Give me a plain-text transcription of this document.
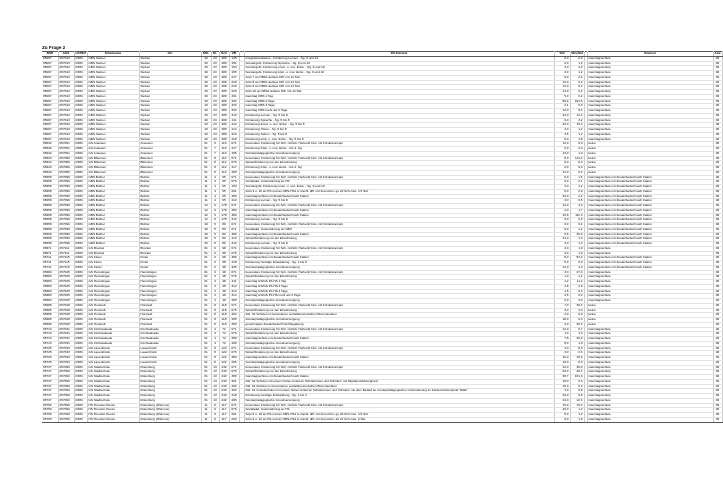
Zu Frage 2
SNR	AGS	LKRKZ	Schulname	Ort	SKL	Kl.	Sch	ZB		ZB-Klartext	Std	WoeStd		Klartext	Amt
05097	057043	RDM	GBS Sieben	Sieben	40	23	489	145		Integrationsklasse - Förderung Lernen - Sg. 8 und 10	6,0	2,3		Ganztagsschule	06
05097	057043	RDM	GBS Sieben	Sieben	40	23	489	151		Sondergebl. Förderung Sprache - Sg. 8 und 10	3,0	1,2		Ganztagsschule	06
05097	057043	RDM	GBS Sieben	Sieben	40	23	489	153		Sondergebl. Förderung emot. u. soz. Entw. - Sg. 9 und 10	4,0	2,2		Ganztagsschule	06
05097	057043	RDM	GBS Sieben	Sieben	40	23	489	155		Sondergebl. Förderung körp. u. mot. Entw. - Sg. 9 und 10	3,0	1,2		Ganztagsschule	06
05097	057043	RDM	GBS Sieben	Sieben	40	23	489	217		SoG 7 an OBS1 äußere Diff. mit 12 Std.	6,0	2,4		Ganztagsschule	06
05097	057043	RDM	GBS Sieben	Sieben	40	23	489	218		SoG 8 an OBS1 äußere Diff. mit 12 Std.	12,0	0,2		Ganztagsschule	06
05097	057043	RDM	GBS Sieben	Sieben	40	23	489	219		SoG 9 an OBS1 äußere Diff. mit 14 Std.	14,0	0,2		Ganztagsschule	06
05097	057043	RDM	GBS Sieben	Sieben	40	23	489	220		SoG 10 an OBS1 äußere Diff. mit 14 Std.	14,0	0,2		Ganztagsschule	06
05097	057043	RDM	GBS Sieben	Sieben	40	23	489	331		Ganztag OBS 1 Tag	5,0	0,2		Ganztagsschule	06
05097	057043	RDM	GBS Sieben	Sieben	40	23	489	332		Ganztag OBS 2 Tage	80,4	491,5		Ganztagsschule	06
05097	057043	RDM	GBS Sieben	Sieben	40	23	489	333		Ganztag OBS 3 Tage	2,1	6,3		Ganztagsschule	06
05097	057043	RDM	GBS Sieben	Sieben	40	23	489	334		Ganztag OBS mehr als 3 Tage	12,0	8,4		Ganztagsschule	06
05097	057043	RDM	GBS Sieben	Sieben	40	23	489	410		Förderung Lernen - Sg. 5 bis 8	42,0	14,3		Ganztagsschule	06
05097	057043	RDM	GBS Sieben	Sieben	40	23	489	411		Förderung Sprache - Sg. 5 bis 8	9,0	3,2		Ganztagsschule	06
05097	057043	RDM	GBS Sieben	Sieben	40	23	489	412		Förderung Emot. u. soz. Entw. - Sg. 5 bis 8	22,0	15,3		Ganztagsschule	06
05097	057043	RDM	GBS Sieben	Sieben	40	23	489	414		Förderung Hören - Sg. 5 bis 8	3,0	1,2		Ganztagsschule	06
05097	057043	RDM	GBS Sieben	Sieben	40	23	489	416		Förderung Sehen - Sg. 5 bis 8	3,5	1,2		Ganztagsschule	06
05097	057043	RDM	GBS Sieben	Sieben	40	23	489	418		Förderung körp. u. mot. Entw. - Sg. 5 bis 8	6,0	1,8		Ganztagsschule	06
05632	057061	RDM	GS Anausen	Anausen	01	0	110	071		besondere Förderung für Sch. nichtdt. Herkunft bzw. mit Förderkonzept	12,0	0,0		keine	06
05632	057061	RDM	GS Anausen	Anausen	01	7	110	417		Förderung Körp. u. mot. Entw. - bis 4. Sg.	6,0	2,3		keine	06
05632	057061	RDM	GS Anausen	Anausen	01	7	110	495		Sonderpädagogische Grundversorgung	14,0	1,0		keine	06
05634	057086	RDM	GS Bittersen	Bittersen	01	8	114	071		besondere Förderung für Sch. nichtdt. Herkunft bzw. mit Förderkonzept	8,0	114,3		keine	06
05634	057086	RDM	GS Bittersen	Bittersen	01	8	114	076		Sprachförderung vor der Einschulung	9,0	8,3		keine	06
05634	057086	RDM	GS Bittersen	Bittersen	01	8	114	417		Förderung Körp. u. mot. Entw. - bis 4. Sg.	3,0	0,0		keine	06
05634	057086	RDM	GS Bittersen	Bittersen	01	8	114	495		Sonderpädagogische Grundversorgung	12,0	6,3		keine	06
05658	057096	RDM	GBS Bothel	Bothel	11	4	65	071		besondere Förderung für Sch. nichtdt. Herkunft bzw. mit Förderkonzept	6,0	1,6		Ganztagsschule mit Zusatzbedarf nach Faktor	06
05658	057096	RDM	GBS Bothel	Bothel	11	4	65	076		Sozialpäd. Unterstützung an HS	6,0	2,1		Ganztagsschule mit Zusatzbedarf nach Faktor	06
05658	057096	RDM	GBS Bothel	Bothel	11	4	65	153		Sondergebl. Förderung emot. u. soz. Entw. - Sg. 9 und 10	3,0	1,2		Ganztagsschule mit Zusatzbedarf nach Faktor	06
05658	057096	RDM	GBS Bothel	Bothel	11	4	65	201		SoG 9 u. 10 an HS und an OBS-HS1 ä. Fachl. diff. mit Fremd.bu. ge 20 Sch max. 4,5 Std.	5,0	2,9		Ganztagsschule mit Zusatzbedarf nach Faktor	06
05658	057096	RDM	GBS Bothel	Bothel	11	4	65	380		Ganztagsschule mit Zusatzbedarf nach Faktor	22,0	2,2		Ganztagsschule mit Zusatzbedarf nach Faktor	06
05658	057096	RDM	GBS Bothel	Bothel	11	4	65	410		Förderung Lernen - Sg. 5 bis 8	3,0	0,5		Ganztagsschule mit Zusatzbedarf nach Faktor	06
05658	057096	RDM	GBS Bothel	Bothel	12	6	178	071		besondere Förderung für Sch. nichtdt. Herkunft bzw. mit Förderkonzept	12,0	4,3		Ganztagsschule mit Zusatzbedarf nach Faktor	06
05658	057096	RDM	GBS Bothel	Bothel	12	6	178	380		Ganztagsschule mit Zusatzbedarf nach Faktor	3,0	1,7		Ganztagsschule mit Zusatzbedarf nach Faktor	06
05658	057096	RDM	GBS Bothel	Bothel	12	6	178	380		Ganztagsschule mit Zusatzbedarf nach Faktor	10,8	111,3		Ganztagsschule mit Zusatzbedarf nach Faktor	06
05658	057096	RDM	GBS Bothel	Bothel	12	6	178	410		Förderung Lernen - Sg. 5 bis 8	6,0	2,0		Ganztagsschule mit Zusatzbedarf nach Faktor	06
05658	057096	RDM	GBS Bothel	Bothel	40	5	89	071		besondere Förderung für Sch. nichtdt. Herkunft bzw. mit Förderkonzept	3,0	0,4		Ganztagsschule mit Zusatzbedarf nach Faktor	06
05658	057096	RDM	GBS Bothel	Bothel	40	5	89	071		Sozialpäd. Unterstützung an OBS	6,0	1,2		Ganztagsschule mit Zusatzbedarf nach Faktor	06
05658	057096	RDM	GBS Bothel	Bothel	40	5	89	380		Ganztagsschule mit Zusatzbedarf nach Faktor	5,6	36,9		Ganztagsschule mit Zusatzbedarf nach Faktor	06
05658	057096	RDM	GBS Bothel	Bothel	40	5	89	410		Sprachförderung vor der Einschulung	21,0	1,3		Ganztagsschule mit Zusatzbedarf nach Faktor	06
05658	057096	RDM	GBS Bothel	Bothel	40	5	89	410		Förderung Lernen - Sg. 5 bis 8	3,0	1,3		Ganztagsschule mit Zusatzbedarf nach Faktor	06
05671	057111	RDM	GS Brockel	Brockel	01	0	98	071		besondere Förderung für Sch. nichtdt. Herkunft bzw. mit Förderkonzept	2,0	1,9		Ganztagsschule	06
05671	057111	RDM	GS Brockel	Brockel	01	0	98	076		Sprachförderung vor der Einschulung	3,0	1,0		Ganztagsschule	06
05711	057115	RDM	GS Fintel	Fintel	01	0	98	380		Ganztagsschule mit Zusatzbedarf nach Faktor	8,0	52,3		Ganztagsschule mit Zusatzbedarf nach Faktor	06
05711	057115	RDM	GS Fintel	Fintel	01	0	98	418		Förderung Geistige Entwicklung - Sg. 1 bis 8	6,0	0,0		Ganztagsschule mit Zusatzbedarf nach Faktor	06
05711	057115	RDM	GS Fintel	Fintel	01	0	98	495		Sonderpädagogische Grundversorgung	12,0	4,3		Ganztagsschule mit Zusatzbedarf nach Faktor	06
05683	057025	RDM	GS Hemslingen	Hemslingen	01	3	48	071		besondere Förderung für Sch. nichtdt. Herkunft bzw. mit Förderkonzept	3,0	27,0		Ganztagsschule	06
05683	057025	RDM	GS Hemslingen	Hemslingen	01	3	48	076		Sprachförderung vor der Einschulung	1,0	1,2		Ganztagsschule	06
05683	057025	RDM	GS Hemslingen	Hemslingen	01	3	48	311		Ganztag GS/GS Pb HS 1 Tag	1,2	11,2		Ganztagsschule	06
05683	057025	RDM	GS Hemslingen	Hemslingen	01	3	48	312		Ganztag GS/GS Pb HS 2 Tage	4,8	2,9		Ganztagsschule	06
05683	057025	RDM	GS Hemslingen	Hemslingen	01	3	48	313		Ganztag GS/GS Pb HS 3 Tage	1,5	0,3		Ganztagsschule	06
05683	057025	RDM	GS Hemslingen	Hemslingen	01	3	48	314		Ganztag GS/GS Pb HS mehr als 3 Tage	3,6	6,2		Ganztagsschule	06
05683	057025	RDM	GS Hemslingen	Hemslingen	01	3	48	495		Sonderpädagogische Grundversorgung	6,0	3,0		Ganztagsschule	06
05686	057028	RDM	GS Horstedt	Horstedt	01	8	118	071		besondere Förderung für Sch. nichtdt. Herkunft bzw. mit Förderkonzept	7,0	36,3		keine	06
05686	057028	RDM	GS Horstedt	Horstedt	01	8	118	076		Sprachförderung vor der Einschulung	3,0	3,3		keine	06
05686	057028	RDM	GS Horstedt	Horstedt	01	8	118	482		Std. für Schulen in besonderen sozialökonomischen Brennpunkten	3,0	0,0		keine	06
05686	057028	RDM	GS Horstedt	Horstedt	01	8	118	495		Sonderpädagogische Grundversorgung	18,0	6,3		keine	06
05686	057028	RDM	GS Horstedt	Horstedt	01	8	118	350		genehmigter Zusatzbedarf Hochbegabung	3,0	36,3		keine	06
05713	057031	RDM	GS Kirchwalsede	Kirchwalsede	01	4	72	071		besondere Förderung für Sch. nichtdt. Herkunft bzw. mit Förderkonzept	12,0	0,7		Ganztagsschule	06
05713	057031	RDM	GS Kirchwalsede	Kirchwalsede	01	4	72	076		Sprachförderung vor der Einschulung	1,0	1,3		Ganztagsschule	06
05713	057031	RDM	GS Kirchwalsede	Kirchwalsede	01	4	72	380		Ganztagsschule mit Zusatzbedarf nach Faktor	7,8	26,9		Ganztagsschule	06
05713	057031	RDM	GS Kirchwalsede	Kirchwalsede	01	4	72	495		Sonderpädagogische Grundversorgung	8,0	1,9		Ganztagsschule	06
05725	057033	RDM	GS Lauenbrück	Lauenbrück	01	8	122	071		besondere Förderung für Sch. nichtdt. Herkunft bzw. mit Förderkonzept	3,0	8,3		Ganztagsschule	06
05725	057033	RDM	GS Lauenbrück	Lauenbrück	01	8	122	076		Sprachförderung vor der Einschulung	3,0	0,3		Ganztagsschule	06
05725	057033	RDM	GS Lauenbrück	Lauenbrück	01	8	122	380		Ganztagsschule mit Zusatzbedarf nach Faktor	10,0	16,3		Ganztagsschule	06
05725	057033	RDM	GS Lauenbrück	Lauenbrück	01	8	122	495		Sonderpädagogische Grundversorgung	16,0	8,3		Ganztagsschule	06
05737	057060	RDM	GS Stadtschule	Rotenburg	01	13	240	071		besondere Förderung für Sch. nichtdt. Herkunft bzw. mit Förderkonzept	12,0	36,0		Ganztagsschule	06
05737	057060	RDM	GS Stadtschule	Rotenburg	01	13	240	076		Sprachförderung vor der Einschulung	20,0	20,1		Ganztagsschule	06
05737	057060	RDM	GS Stadtschule	Rotenburg	01	13	240	380		Ganztagsschule mit Zusatzbedarf nach Faktor	38,7	161,3		Ganztagsschule	06
05737	057060	RDM	GS Stadtschule	Rotenburg	01	13	240	401		Std. für Schulen mit einem hohen Anteil an Schülerinnen und Schülern mit Migrationshintergrund	16,0	0,3		Ganztagsschule	06
05737	057060	RDM	GS Stadtschule	Rotenburg	01	13	240	402		Std. für Schulen in besonderen sozialökonomischen Brennpunkten	15,0	0,3		Ganztagsschule	06
05737	057060	RDM	GS Stadtschule	Rotenburg	01	13	240	403		Std. für Grundschulen mit einem hohen Anteil an Schülerinnen und Schülern mit dem Bedarf an sonderpädagogischer Unterstützung im Förderschwerpunkt "ESE"	4,0	0,8		Ganztagsschule	06
05737	057060	RDM	GS Stadtschule	Rotenburg	01	13	240	418		Förderung Geistige Entwicklung - Sg. 1 bis 4	20,0	0,8		Ganztagsschule	06
05737	057060	RDM	GS Stadtschule	Rotenburg	01	13	240	495		Sonderpädagogische Grundversorgung	24,0	12,3		Ganztagsschule	06
05750	057060	RDM	HS Theodor-Heuss	Rotenburg (Wümme)	11	6	117	071		besondere Förderung für Sch. nichtdt. Herkunft bzw. mit Förderkonzept	15,0	15,3		Ganztagsschule	06
05750	057060	RDM	HS Theodor-Heuss	Rotenburg (Wümme)	11	6	117	076		Sozialpäd. Unterstützung an HS	20,0	1,3		Ganztagsschule	06
05750	057060	RDM	HS Theodor-Heuss	Rotenburg (Wümme)	11	6	117	201		SoG 9 u. 10 an HS und an OBS-HS1 ä. Fachl. diff. mit Fremd.bu. ge 20 Sch max. 4,5 Std.	5,0	1,2		Ganztagsschule	06
05750	057060	RDM	HS Theodor-Heuss	Rotenburg (Wümme)	11	6	117	202		SoG 9 u. 10 an HS und an OBS-HS1 ä. Fachl. diff. mit Fremd.bu. ab 21 Sch max. 9 Std.	9,0	1,9		Ganztagsschule	06
